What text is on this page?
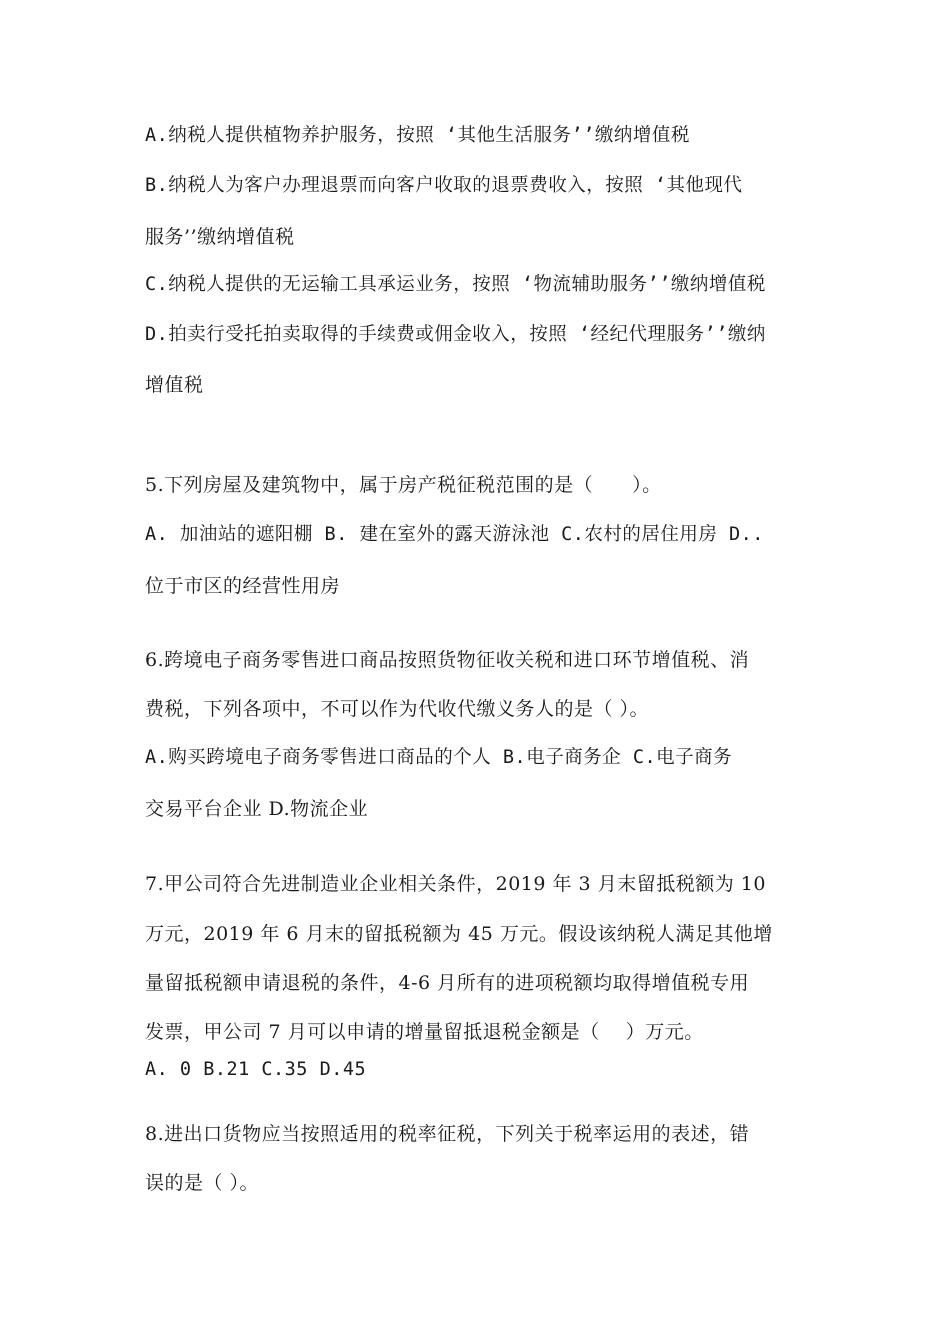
A.纳税人提供植物养护服务，按照 ‘其他生活服务’’缴纳增值税
B.纳税人为客户办理退票而向客户收取的退票费收入，按照 ‘其他现代
服务’’缴纳增值税
C.纳税人提供的无运输工具承运业务，按照 ‘物流辅助服务’’缴纳增值税
D.拍卖行受托拍卖取得的手续费或佣金收入，按照 ‘经纪代理服务’’缴纳
增值税
5.下列房屋及建筑物中，属于房产税征税范围的是（　　）。
A. 加油站的遮阳棚 B. 建在室外的露天游泳池 C.农村的居住用房 D..
位于市区的经营性用房
6.跨境电子商务零售进口商品按照货物征收关税和进口环节增值税、消
费税，下列各项中，不可以作为代收代缴义务人的是（ ）。
A.购买跨境电子商务零售进口商品的个人 B.电子商务企 C.电子商务
交易平台企业 D.物流企业
7.甲公司符合先进制造业企业相关条件，2019 年 3 月末留抵税额为 10
万元，2019 年 6 月末的留抵税额为 45 万元。假设该纳税人满足其他增
量留抵税额申请退税的条件，4-6 月所有的进项税额均取得增值税专用
发票，甲公司 7 月可以申请的增量留抵退税金额是（　 ）万元。
A. 0 B.21 C.35 D.45
8.进出口货物应当按照适用的税率征税，下列关于税率运用的表述，错
误的是（ ）。
